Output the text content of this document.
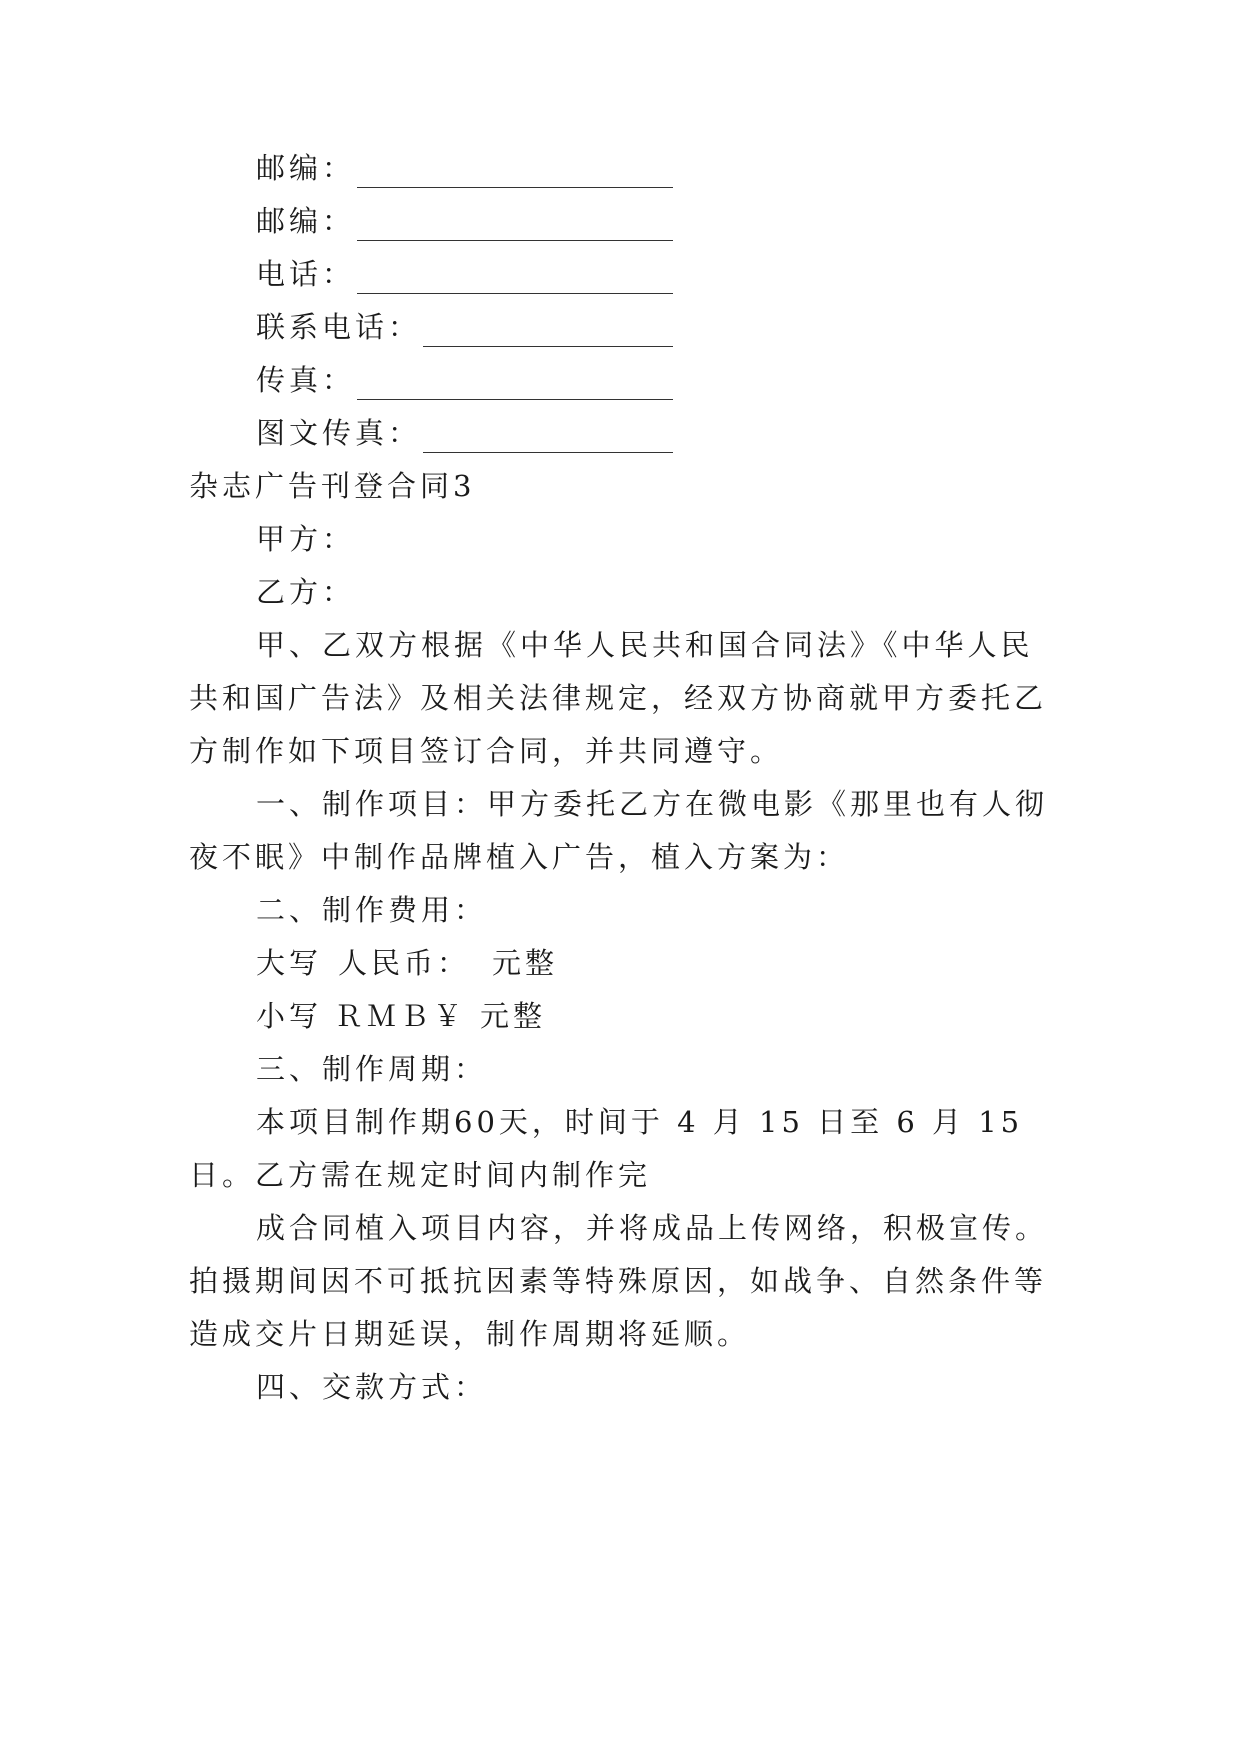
邮编：
邮编：
电话：
联系电话：
传真：
图文传真：
杂志广告刊登合同3
甲方：
乙方：
甲、乙双方根据《中华人民共和国合同法》《中华人民
共和国广告法》及相关法律规定，经双方协商就甲方委托乙
方制作如下项目签订合同，并共同遵守。
一、制作项目：甲方委托乙方在微电影《那里也有人彻
夜不眠》中制作品牌植入广告，植入方案为：
二、制作费用：
大写 人民币： 元整
小写 ＲＭＢ￥ 元整
三、制作周期：
本项目制作期60天，时间于 4 月 15 日至 6 月 15
日。乙方需在规定时间内制作完
成合同植入项目内容，并将成品上传网络，积极宣传。
拍摄期间因不可抵抗因素等特殊原因，如战争、自然条件等
造成交片日期延误，制作周期将延顺。
四、交款方式：
